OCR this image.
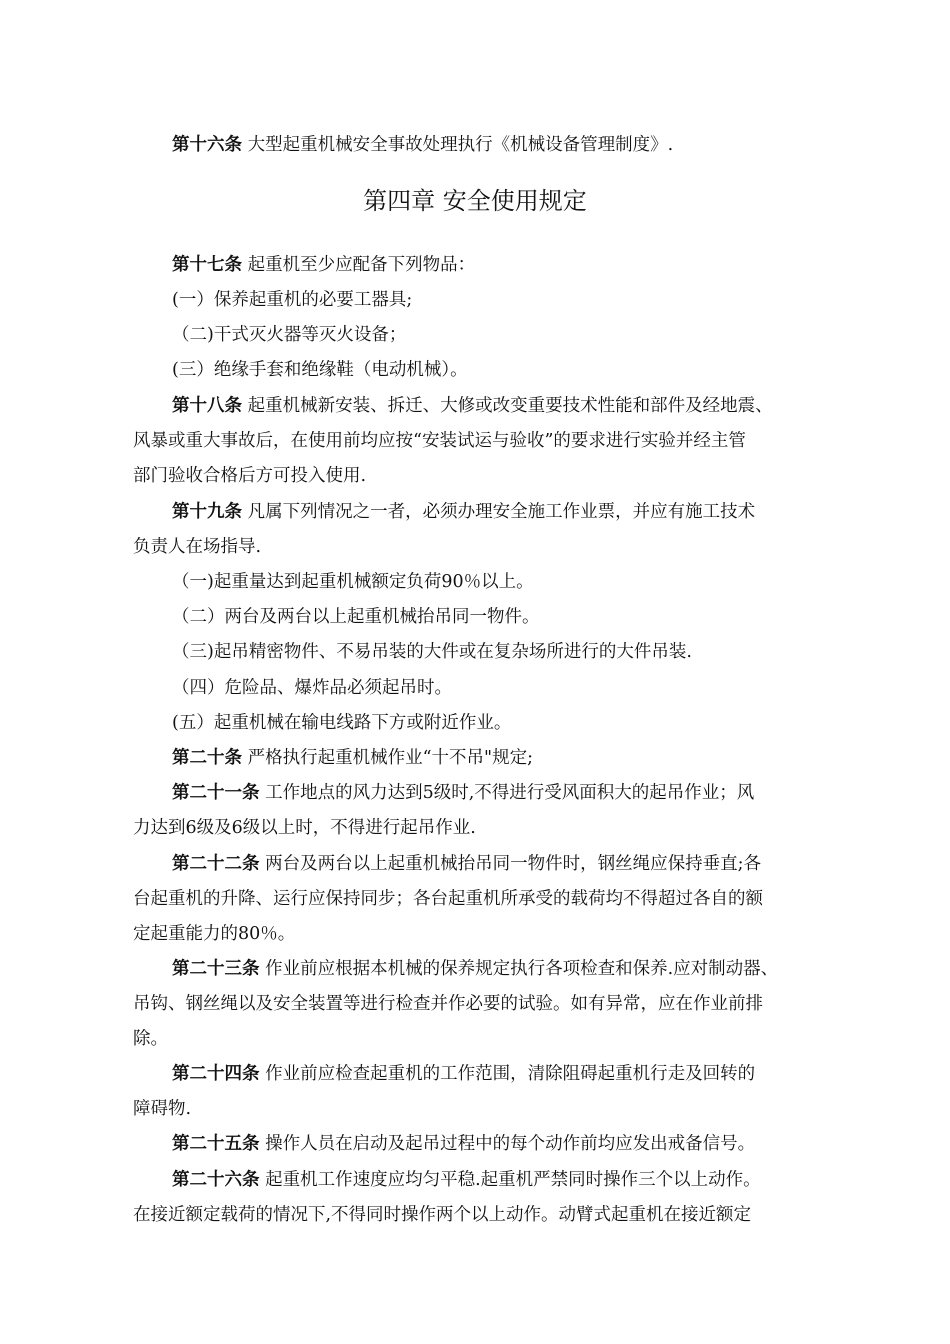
第十六条 大型起重机械安全事故处理执行《机械设备管理制度》.
第四章 安全使用规定
第十七条 起重机至少应配备下列物品：
(一）保养起重机的必要工器具;
（二)干式灭火器等灭火设备；
(三）绝缘手套和绝缘鞋（电动机械）。
第十八条 起重机械新安装、拆迁、大修或改变重要技术性能和部件及经地震、
风暴或重大事故后，在使用前均应按“安装试运与验收”的要求进行实验并经主管
部门验收合格后方可投入使用.
第十九条 凡属下列情况之一者，必须办理安全施工作业票，并应有施工技术
负责人在场指导.
（一)起重量达到起重机械额定负荷90％以上。
（二）两台及两台以上起重机械抬吊同一物件。
（三)起吊精密物件、不易吊装的大件或在复杂场所进行的大件吊装.
（四）危险品、爆炸品必须起吊时。
(五）起重机械在输电线路下方或附近作业。
第二十条 严格执行起重机械作业“十不吊"规定;
第二十一条 工作地点的风力达到5级时,不得进行受风面积大的起吊作业；风
力达到6级及6级以上时，不得进行起吊作业.
第二十二条 两台及两台以上起重机械抬吊同一物件时，钢丝绳应保持垂直;各
台起重机的升降、运行应保持同步；各台起重机所承受的载荷均不得超过各自的额
定起重能力的80％。
第二十三条 作业前应根据本机械的保养规定执行各项检查和保养.应对制动器、
吊钩、钢丝绳以及安全装置等进行检查并作必要的试验。如有异常，应在作业前排
除。
第二十四条 作业前应检查起重机的工作范围，清除阻碍起重机行走及回转的
障碍物.
第二十五条 操作人员在启动及起吊过程中的每个动作前均应发出戒备信号。
第二十六条 起重机工作速度应均匀平稳.起重机严禁同时操作三个以上动作。
在接近额定载荷的情况下,不得同时操作两个以上动作。动臂式起重机在接近额定
